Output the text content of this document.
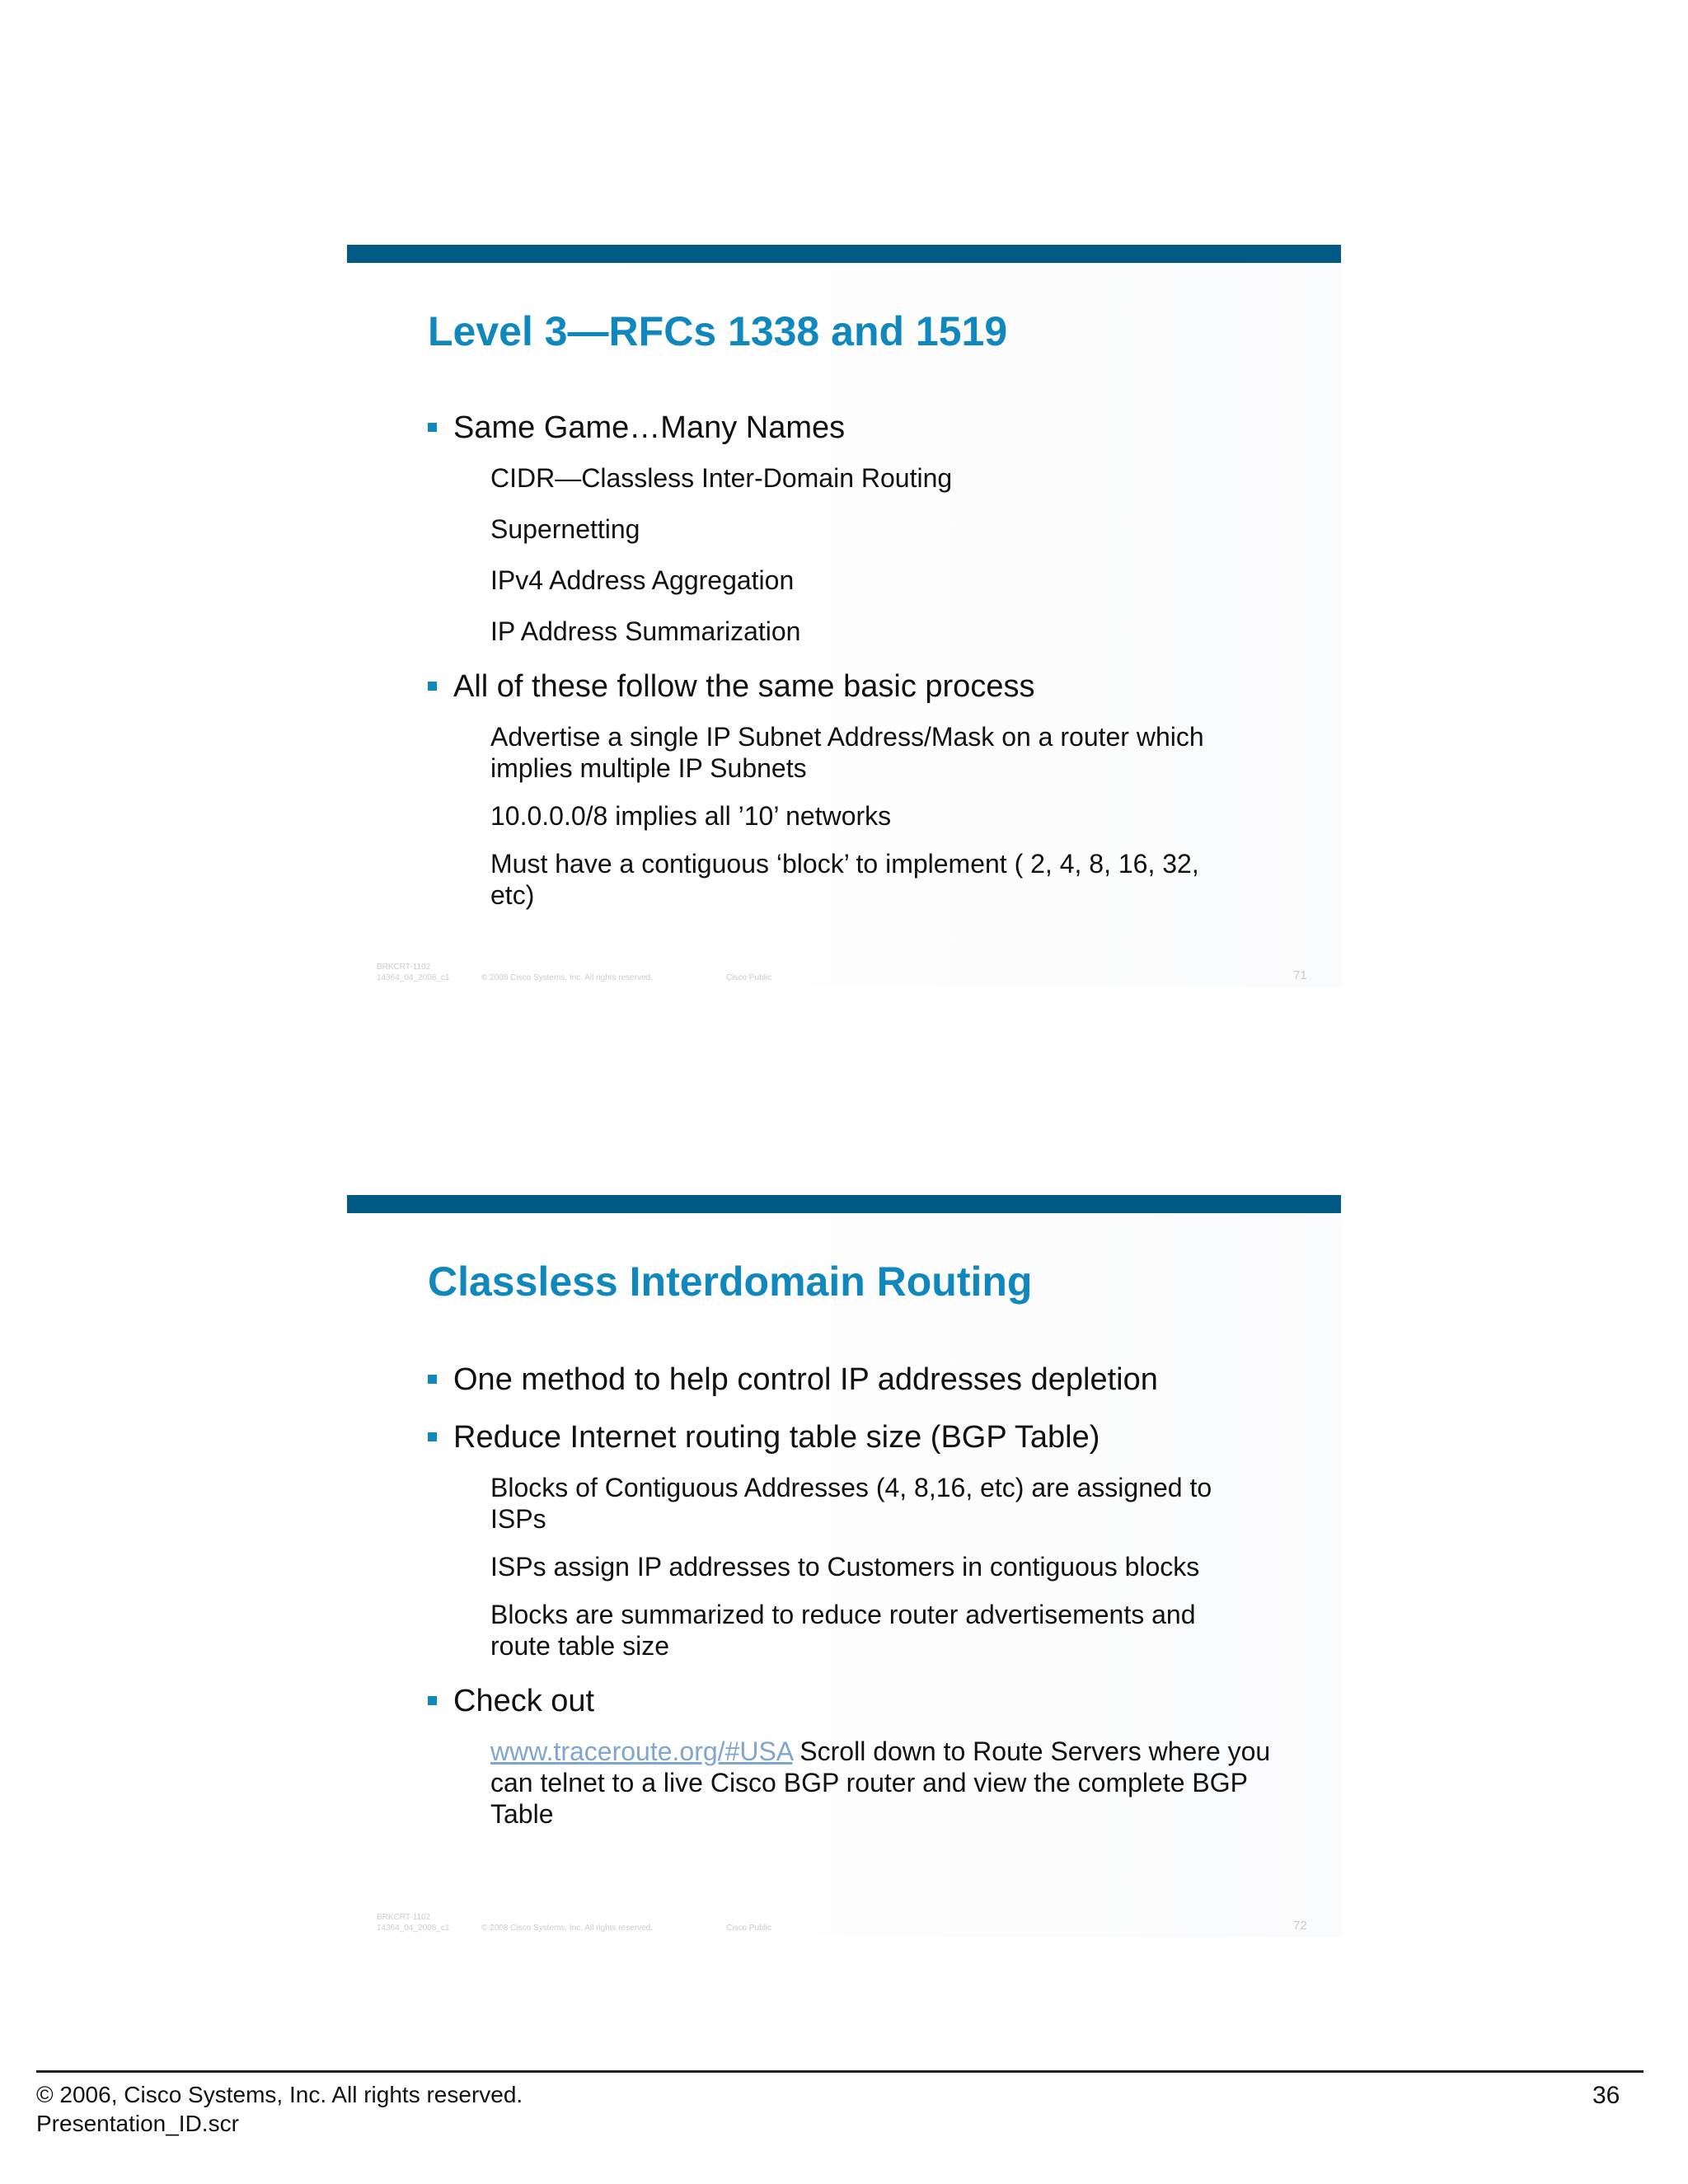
Level 3—RFCs 1338 and 1519
Same Game…Many Names
CIDR—Classless Inter-Domain Routing
Supernetting
IPv4 Address Aggregation
IP Address Summarization
All of these follow the same basic process
Advertise a single IP Subnet Address/Mask on a router which implies multiple IP Subnets
10.0.0.0/8 implies all ’10’ networks
Must have a contiguous ‘block’ to implement ( 2, 4, 8, 16, 32, etc)
BRKCRT-1102
14364_04_2008_c1	© 2008 Cisco Systems, Inc. All rights reserved.	Cisco Public	71
Classless Interdomain Routing
One method to help control IP addresses depletion
Reduce Internet routing table size (BGP Table)
Blocks of Contiguous Addresses (4, 8,16, etc) are assigned to ISPs
ISPs assign IP addresses to Customers in contiguous blocks
Blocks are summarized to reduce router advertisements and route table size
Check out
www.traceroute.org/#USA Scroll down to Route Servers where you can telnet to a live Cisco BGP router and view the complete BGP Table
BRKCRT-1102
14364_04_2008_c1	© 2008 Cisco Systems, Inc. All rights reserved.	Cisco Public	72
© 2006, Cisco Systems, Inc. All rights reserved.
Presentation_ID.scr
36
